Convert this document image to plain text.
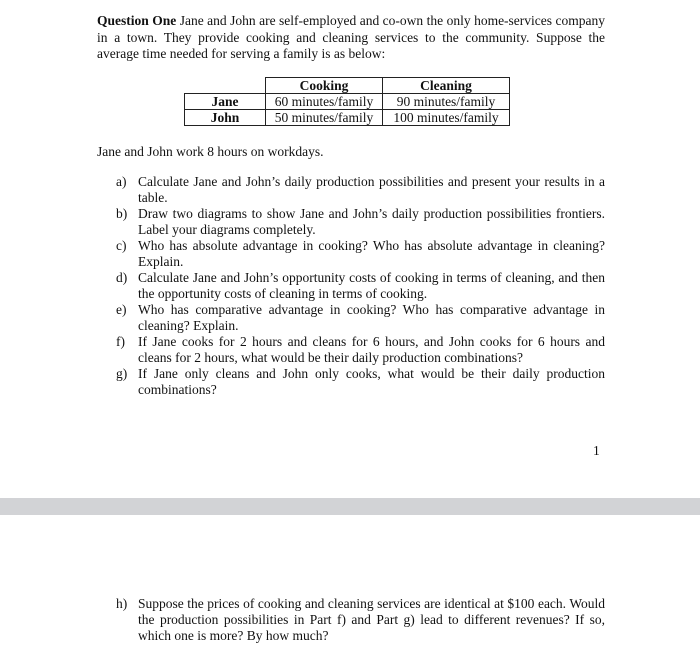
Question One Jane and John are self-employed and co-own the only home-services company in a town. They provide cooking and cleaning services to the community. Suppose the average time needed for serving a family is as below:
	Cooking	Cleaning
Jane	60 minutes/family	90 minutes/family
John	50 minutes/family	100 minutes/family
Jane and John work 8 hours on workdays.
a) Calculate Jane and John’s daily production possibilities and present your results in a table.
b) Draw two diagrams to show Jane and John’s daily production possibilities frontiers. Label your diagrams completely.
c) Who has absolute advantage in cooking? Who has absolute advantage in cleaning? Explain.
d) Calculate Jane and John’s opportunity costs of cooking in terms of cleaning, and then the opportunity costs of cleaning in terms of cooking.
e) Who has comparative advantage in cooking? Who has comparative advantage in cleaning? Explain.
f) If Jane cooks for 2 hours and cleans for 6 hours, and John cooks for 6 hours and cleans for 2 hours, what would be their daily production combinations?
g) If Jane only cleans and John only cooks, what would be their daily production combinations?
1
h) Suppose the prices of cooking and cleaning services are identical at $100 each. Would the production possibilities in Part f) and Part g) lead to different revenues? If so, which one is more? By how much?
